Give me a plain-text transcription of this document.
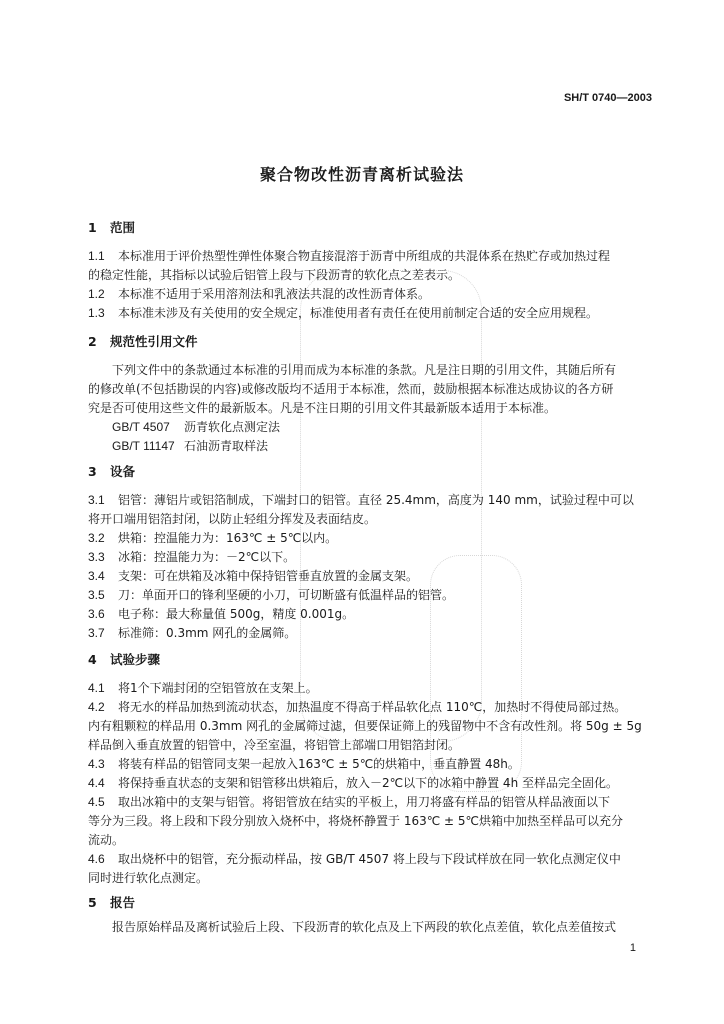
SH/T 0740—2003
聚合物改性沥青离析试验法
1 范围
1.1 本标准用于评价热塑性弹性体聚合物直接混溶于沥青中所组成的共混体系在热贮存或加热过程
的稳定性能，其指标以试验后铝管上段与下段沥青的软化点之差表示。
1.2 本标准不适用于采用溶剂法和乳液法共混的改性沥青体系。
1.3 本标准未涉及有关使用的安全规定，标准使用者有责任在使用前制定合适的安全应用规程。
2 规范性引用文件
下列文件中的条款通过本标准的引用而成为本标准的条款。凡是注日期的引用文件，其随后所有
的修改单(不包括勘误的内容)或修改版均不适用于本标准，然而，鼓励根据本标准达成协议的各方研
究是否可使用这些文件的最新版本。凡是不注日期的引用文件其最新版本适用于本标准。
GB/T 4507 沥青软化点测定法
GB/T 11147 石油沥青取样法
3 设备
3.1 铝管：薄铝片或铝箔制成，下端封口的铝管。直径 25.4mm，高度为 140 mm，试验过程中可以
将开口端用铝箔封闭，以防止轻组分挥发及表面结皮。
3.2 烘箱：控温能力为：163℃ ± 5℃以内。
3.3 冰箱：控温能力为：－2℃以下。
3.4 支架：可在烘箱及冰箱中保持铝管垂直放置的金属支架。
3.5 刀：单面开口的锋利坚硬的小刀，可切断盛有低温样品的铝管。
3.6 电子称：最大称量值 500g，精度 0.001g。
3.7 标准筛：0.3mm 网孔的金属筛。
4 试验步骤
4.1 将1个下端封闭的空铝管放在支架上。
4.2 将无水的样品加热到流动状态，加热温度不得高于样品软化点 110℃，加热时不得使局部过热。
内有粗颗粒的样品用 0.3mm 网孔的金属筛过滤，但要保证筛上的残留物中不含有改性剂。将 50g ± 5g
样品倒入垂直放置的铝管中，冷至室温，将铝管上部端口用铝箔封闭。
4.3 将装有样品的铝管同支架一起放入163℃ ± 5℃的烘箱中，垂直静置 48h。
4.4 将保持垂直状态的支架和铝管移出烘箱后，放入－2℃以下的冰箱中静置 4h 至样品完全固化。
4.5 取出冰箱中的支架与铝管。将铝管放在结实的平板上，用刀将盛有样品的铝管从样品液面以下
等分为三段。将上段和下段分别放入烧杯中，将烧杯静置于 163℃ ± 5℃烘箱中加热至样品可以充分
流动。
4.6 取出烧杯中的铝管，充分振动样品，按 GB/T 4507 将上段与下段试样放在同一软化点测定仪中
同时进行软化点测定。
5 报告
报告原始样品及离析试验后上段、下段沥青的软化点及上下两段的软化点差值，软化点差值按式
1
